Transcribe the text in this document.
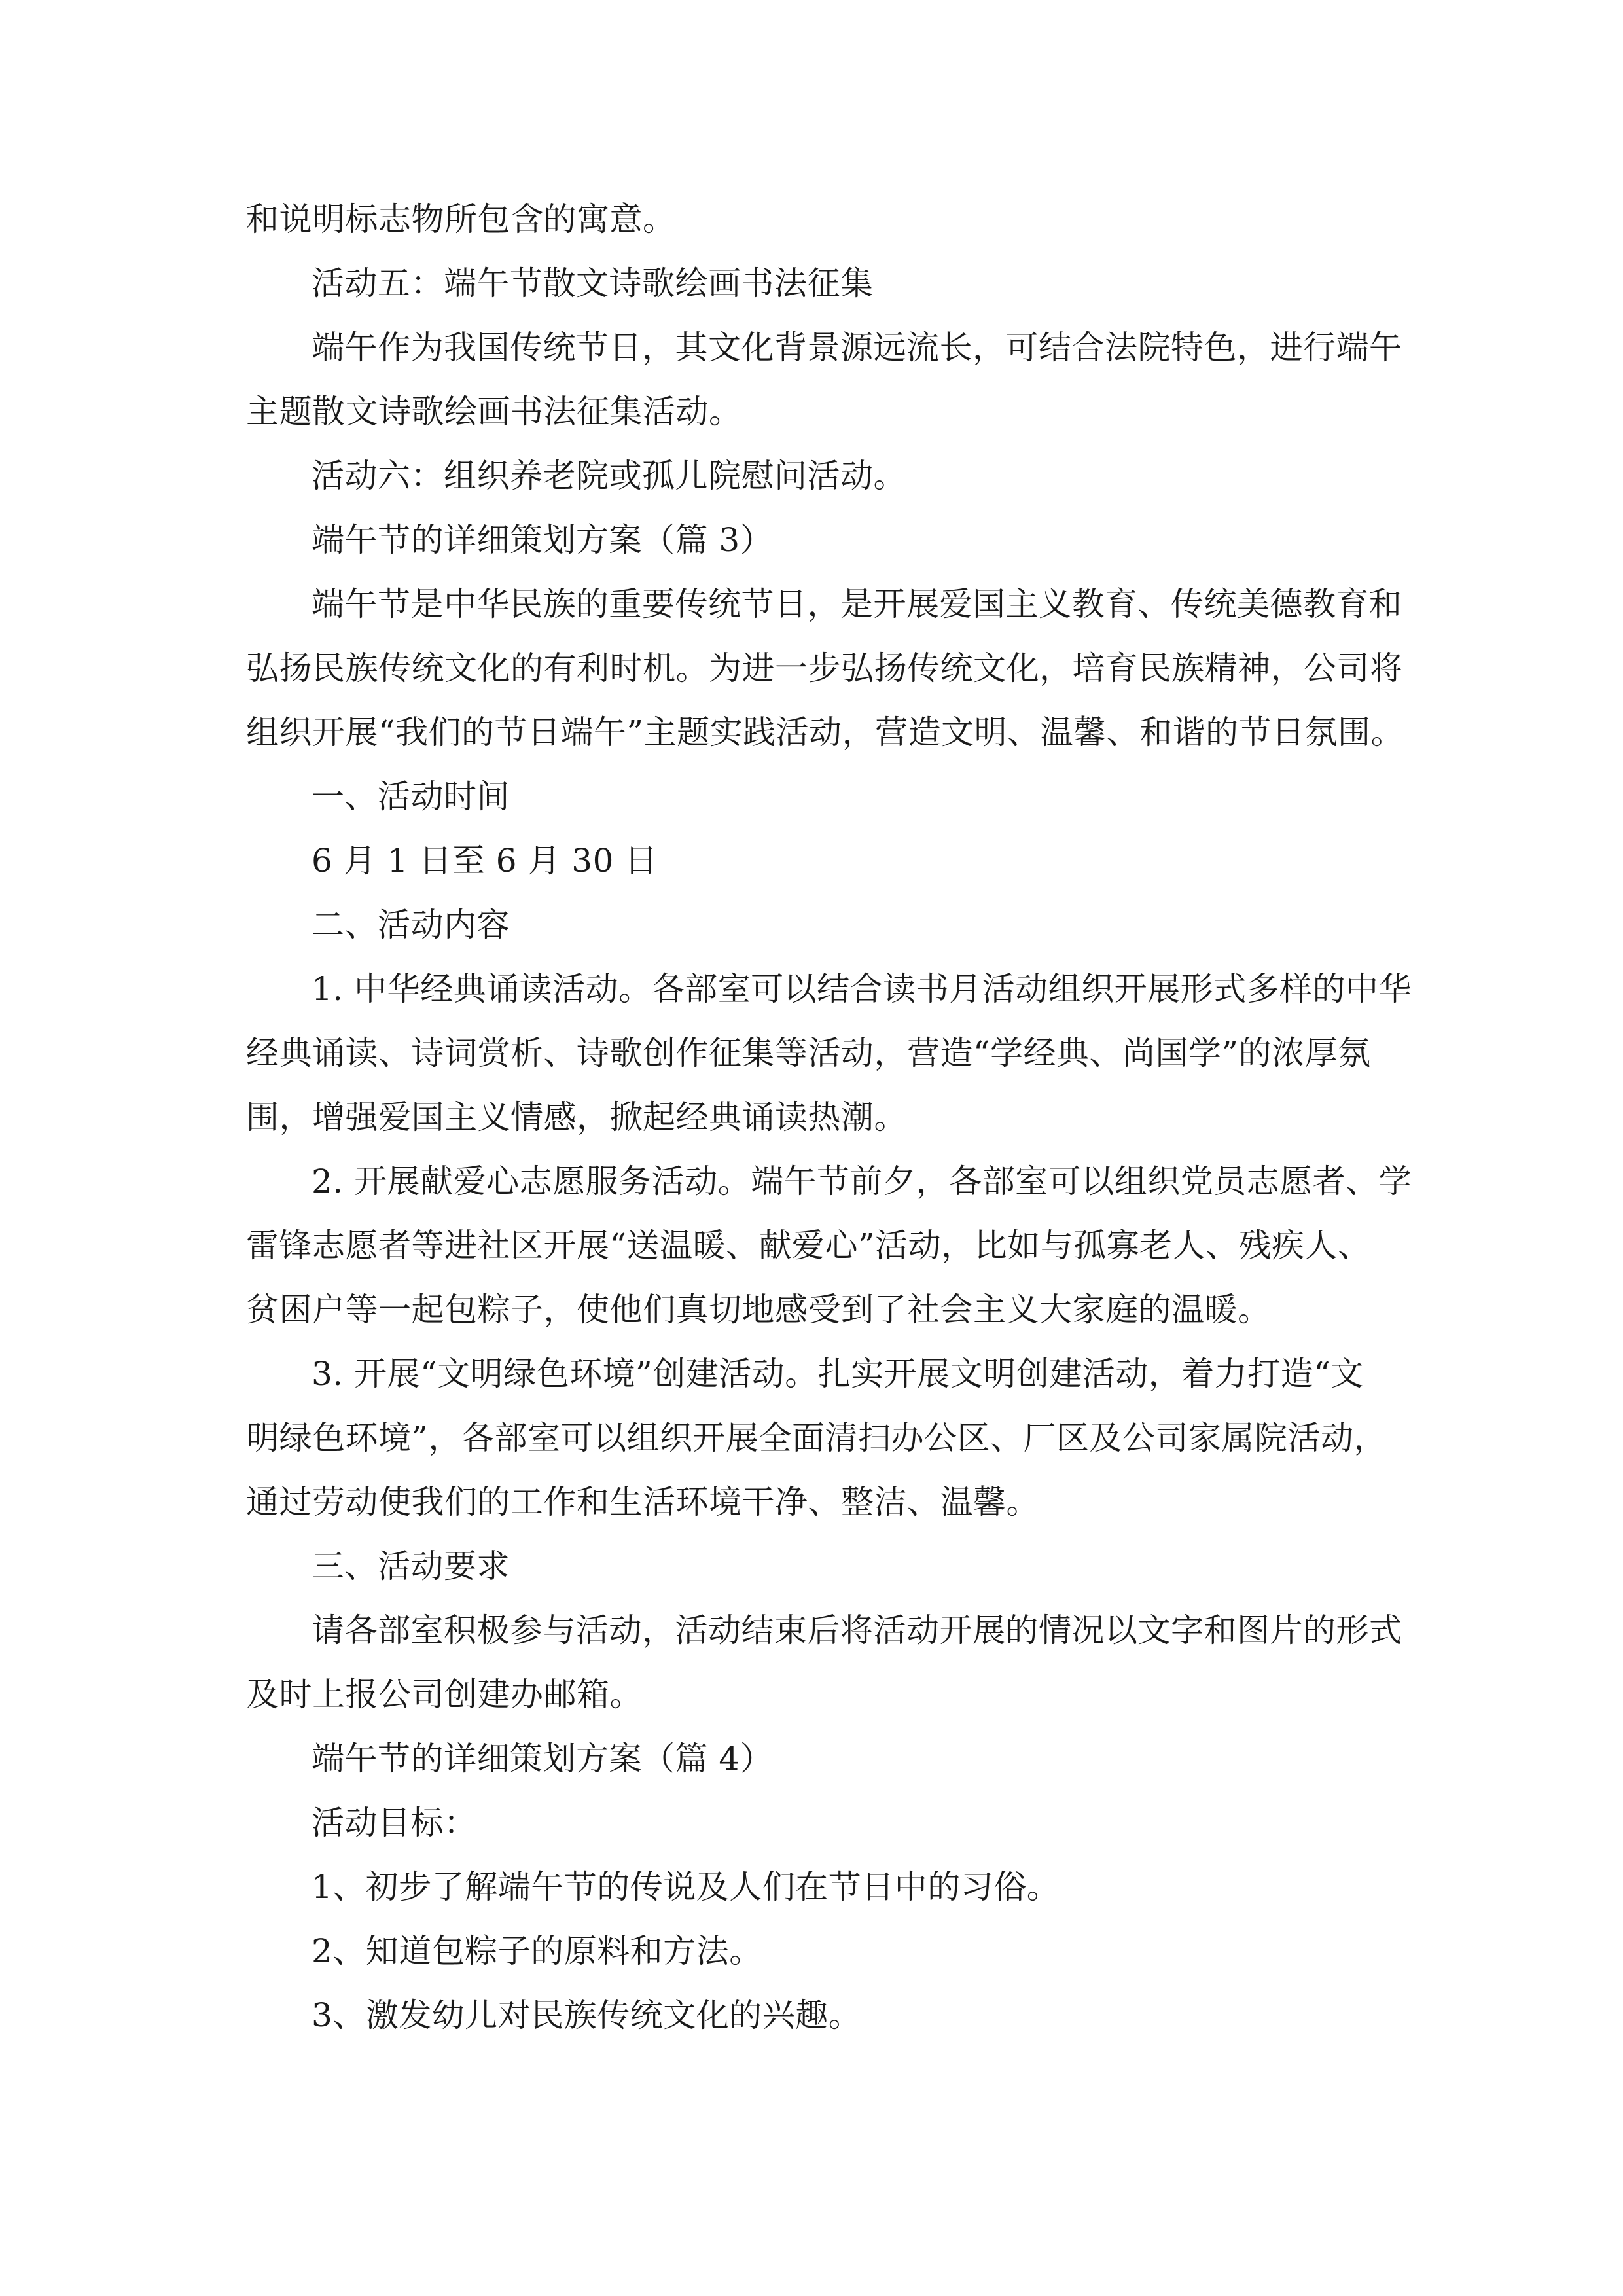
和说明标志物所包含的寓意。
活动五：端午节散文诗歌绘画书法征集
端午作为我国传统节日，其文化背景源远流长，可结合法院特色，进行端午
主题散文诗歌绘画书法征集活动。
活动六：组织养老院或孤儿院慰问活动。
端午节的详细策划方案（篇 3）
端午节是中华民族的重要传统节日，是开展爱国主义教育、传统美德教育和
弘扬民族传统文化的有利时机。为进一步弘扬传统文化，培育民族精神，公司将
组织开展“我们的节日端午”主题实践活动，营造文明、温馨、和谐的节日氛围。
一、活动时间
6 月 1 日至 6 月 30 日
二、活动内容
1. 中华经典诵读活动。各部室可以结合读书月活动组织开展形式多样的中华
经典诵读、诗词赏析、诗歌创作征集等活动，营造“学经典、尚国学”的浓厚氛
围，增强爱国主义情感，掀起经典诵读热潮。
2. 开展献爱心志愿服务活动。端午节前夕，各部室可以组织党员志愿者、学
雷锋志愿者等进社区开展“送温暖、献爱心”活动，比如与孤寡老人、残疾人、
贫困户等一起包粽子，使他们真切地感受到了社会主义大家庭的温暖。
3. 开展“文明绿色环境”创建活动。扎实开展文明创建活动，着力打造“文
明绿色环境”，各部室可以组织开展全面清扫办公区、厂区及公司家属院活动，
通过劳动使我们的工作和生活环境干净、整洁、温馨。
三、活动要求
请各部室积极参与活动，活动结束后将活动开展的情况以文字和图片的形式
及时上报公司创建办邮箱。
端午节的详细策划方案（篇 4）
活动目标：
1、初步了解端午节的传说及人们在节日中的习俗。
2、知道包粽子的原料和方法。
3、激发幼儿对民族传统文化的兴趣。
